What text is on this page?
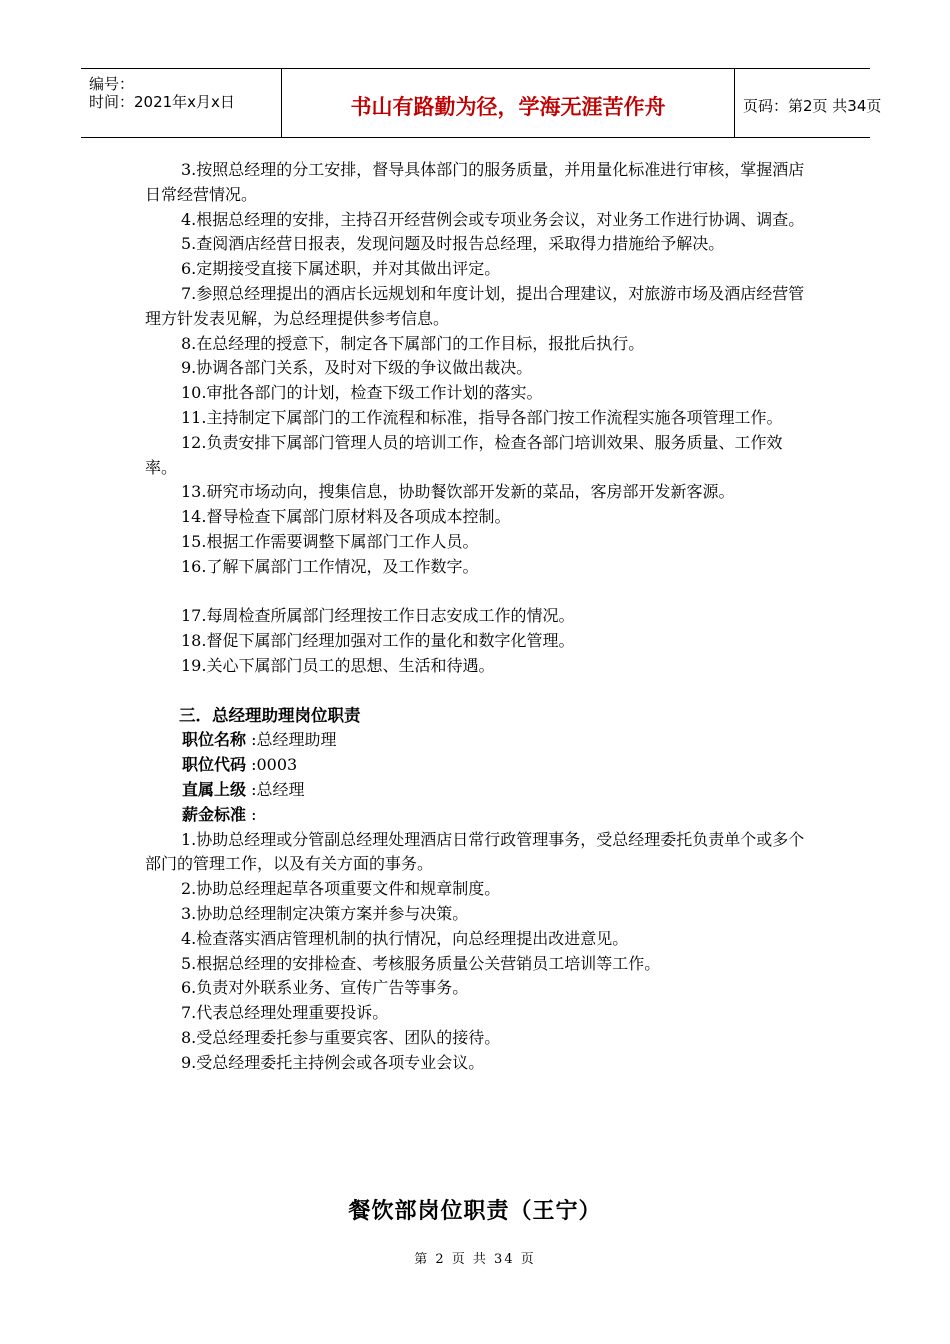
编号：
时间：2021年x月x日	书山有路勤为径，学海无涯苦作舟	页码：第2页 共34页

3.按照总经理的分工安排，督导具体部门的服务质量，并用量化标准进行审核，掌握酒店日常经营情况。

4.根据总经理的安排，主持召开经营例会或专项业务会议，对业务工作进行协调、调查。

5.查阅酒店经营日报表，发现问题及时报告总经理，采取得力措施给予解决。

6.定期接受直接下属述职，并对其做出评定。

7.参照总经理提出的酒店长远规划和年度计划，提出合理建议，对旅游市场及酒店经营管理方针发表见解，为总经理提供参考信息。

8.在总经理的授意下，制定各下属部门的工作目标，报批后执行。

9.协调各部门关系，及时对下级的争议做出裁决。

10.审批各部门的计划，检查下级工作计划的落实。

11.主持制定下属部门的工作流程和标准，指导各部门按工作流程实施各项管理工作。

12.负责安排下属部门管理人员的培训工作，检查各部门培训效果、服务质量、工作效率。

13.研究市场动向，搜集信息，协助餐饮部开发新的菜品，客房部开发新客源。

14.督导检查下属部门原材料及各项成本控制。

15.根据工作需要调整下属部门工作人员。

16.了解下属部门工作情况，及工作数字。

17.每周检查所属部门经理按工作日志安成工作的情况。

18.督促下属部门经理加强对工作的量化和数字化管理。

19.关心下属部门员工的思想、生活和待遇。

三．总经理助理岗位职责

职位名称 :总经理助理

职位代码 :0003

直属上级 :总经理

薪金标准 :

1.协助总经理或分管副总经理处理酒店日常行政管理事务，受总经理委托负责单个或多个部门的管理工作，以及有关方面的事务。

2.协助总经理起草各项重要文件和规章制度。

3.协助总经理制定决策方案并参与决策。

4.检查落实酒店管理机制的执行情况，向总经理提出改进意见。

5.根据总经理的安排检查、考核服务质量公关营销员工培训等工作。

6.负责对外联系业务、宣传广告等事务。

7.代表总经理处理重要投诉。

8.受总经理委托参与重要宾客、团队的接待。

9.受总经理委托主持例会或各项专业会议。

餐饮部岗位职责（王宁）
第 2 页 共 34 页
